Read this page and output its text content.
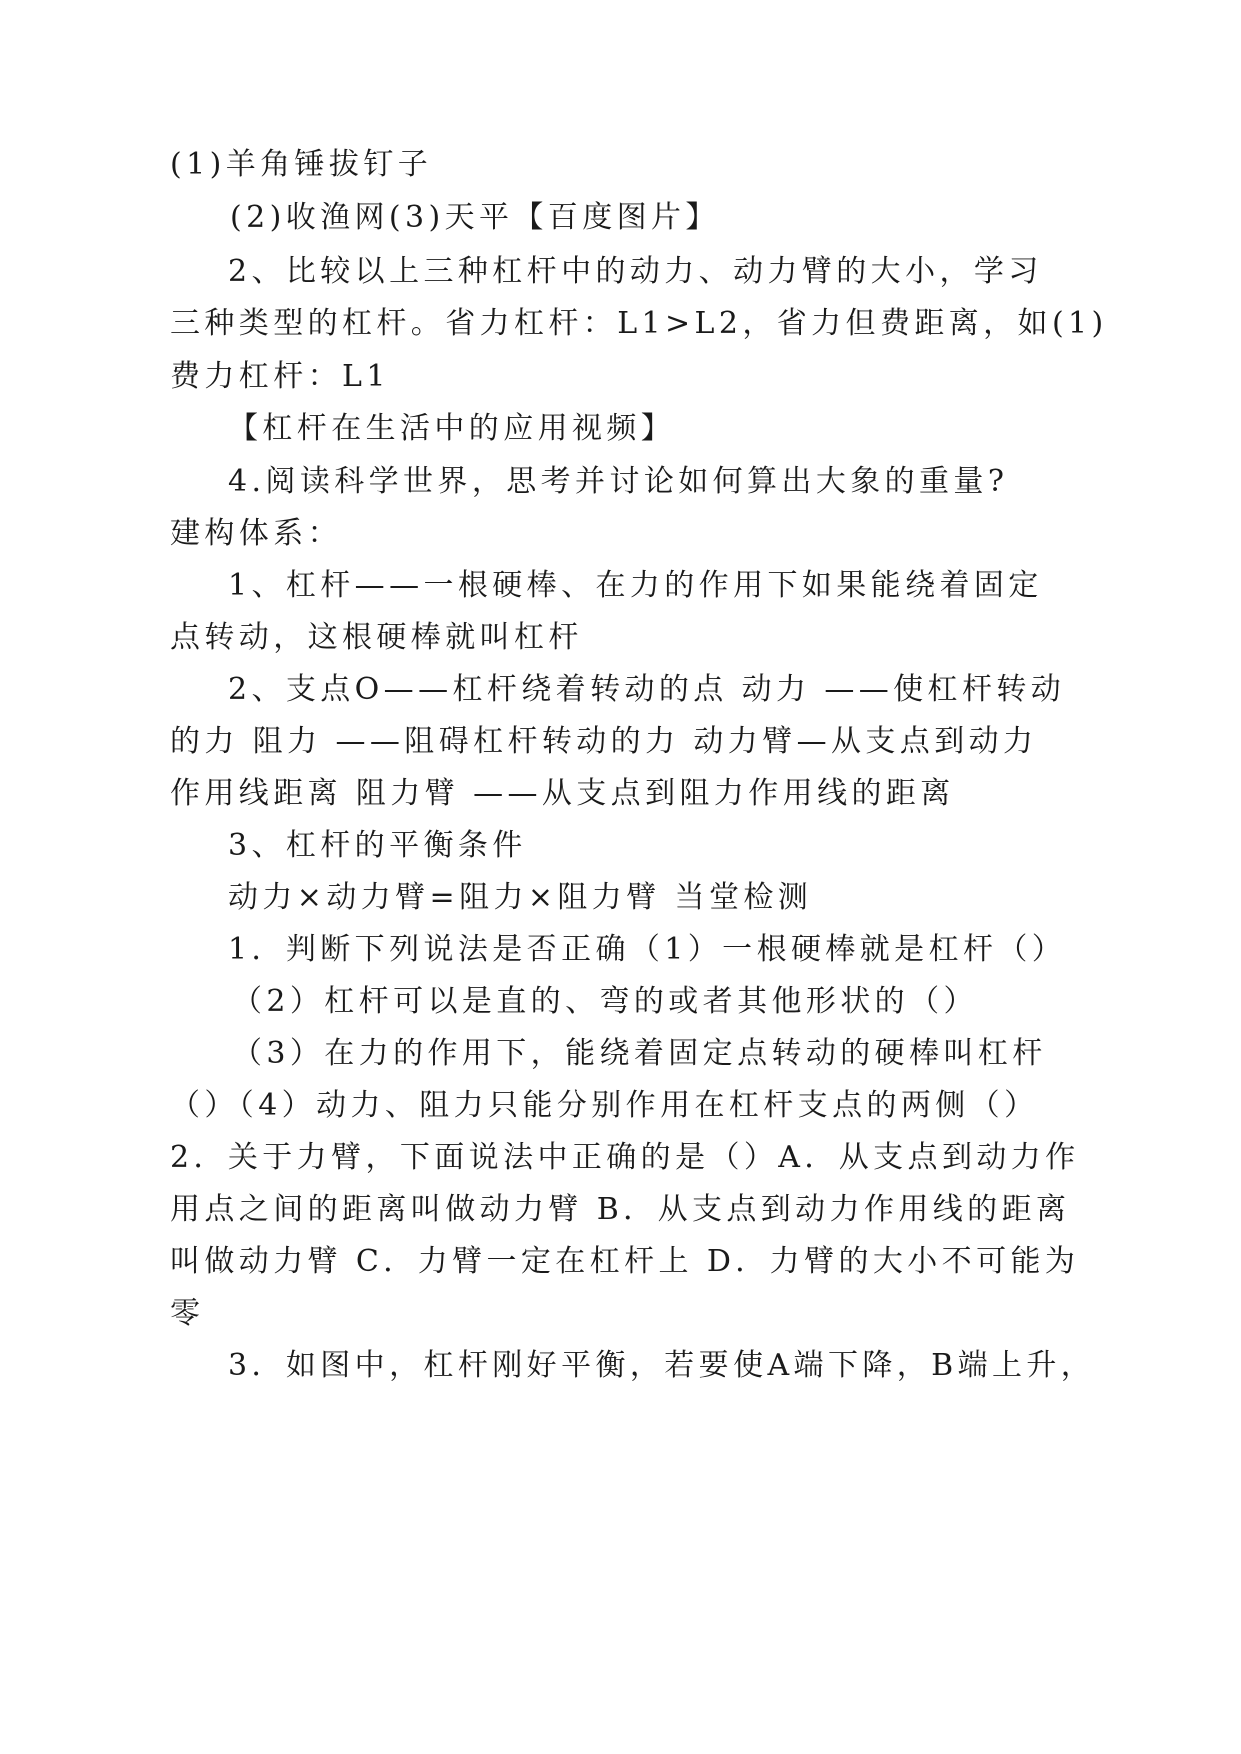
(1)羊角锤拔钉子
(2)收渔网(3)天平【百度图片】
2、比较以上三种杠杆中的动力、动力臂的大小，学习
三种类型的杠杆。省力杠杆：L1>L2，省力但费距离，如(1)
费力杠杆：L1
【杠杆在生活中的应用视频】
4.阅读科学世界，思考并讨论如何算出大象的重量?
建构体系：
1、杠杆——一根硬棒、在力的作用下如果能绕着固定
点转动，这根硬棒就叫杠杆
2、支点O——杠杆绕着转动的点 动力 ——使杠杆转动
的力 阻力 ——阻碍杠杆转动的力 动力臂—从支点到动力
作用线距离 阻力臂 ——从支点到阻力作用线的距离
3、杠杆的平衡条件
动力×动力臂=阻力×阻力臂 当堂检测
1．判断下列说法是否正确（1）一根硬棒就是杠杆（）
（2）杠杆可以是直的、弯的或者其他形状的（）
（3）在力的作用下，能绕着固定点转动的硬棒叫杠杆
（）（4）动力、阻力只能分别作用在杠杆支点的两侧（）
2．关于力臂，下面说法中正确的是（）A．从支点到动力作
用点之间的距离叫做动力臂 B．从支点到动力作用线的距离
叫做动力臂 C．力臂一定在杠杆上 D．力臂的大小不可能为
零
3．如图中，杠杆刚好平衡，若要使A端下降，B端上升，
